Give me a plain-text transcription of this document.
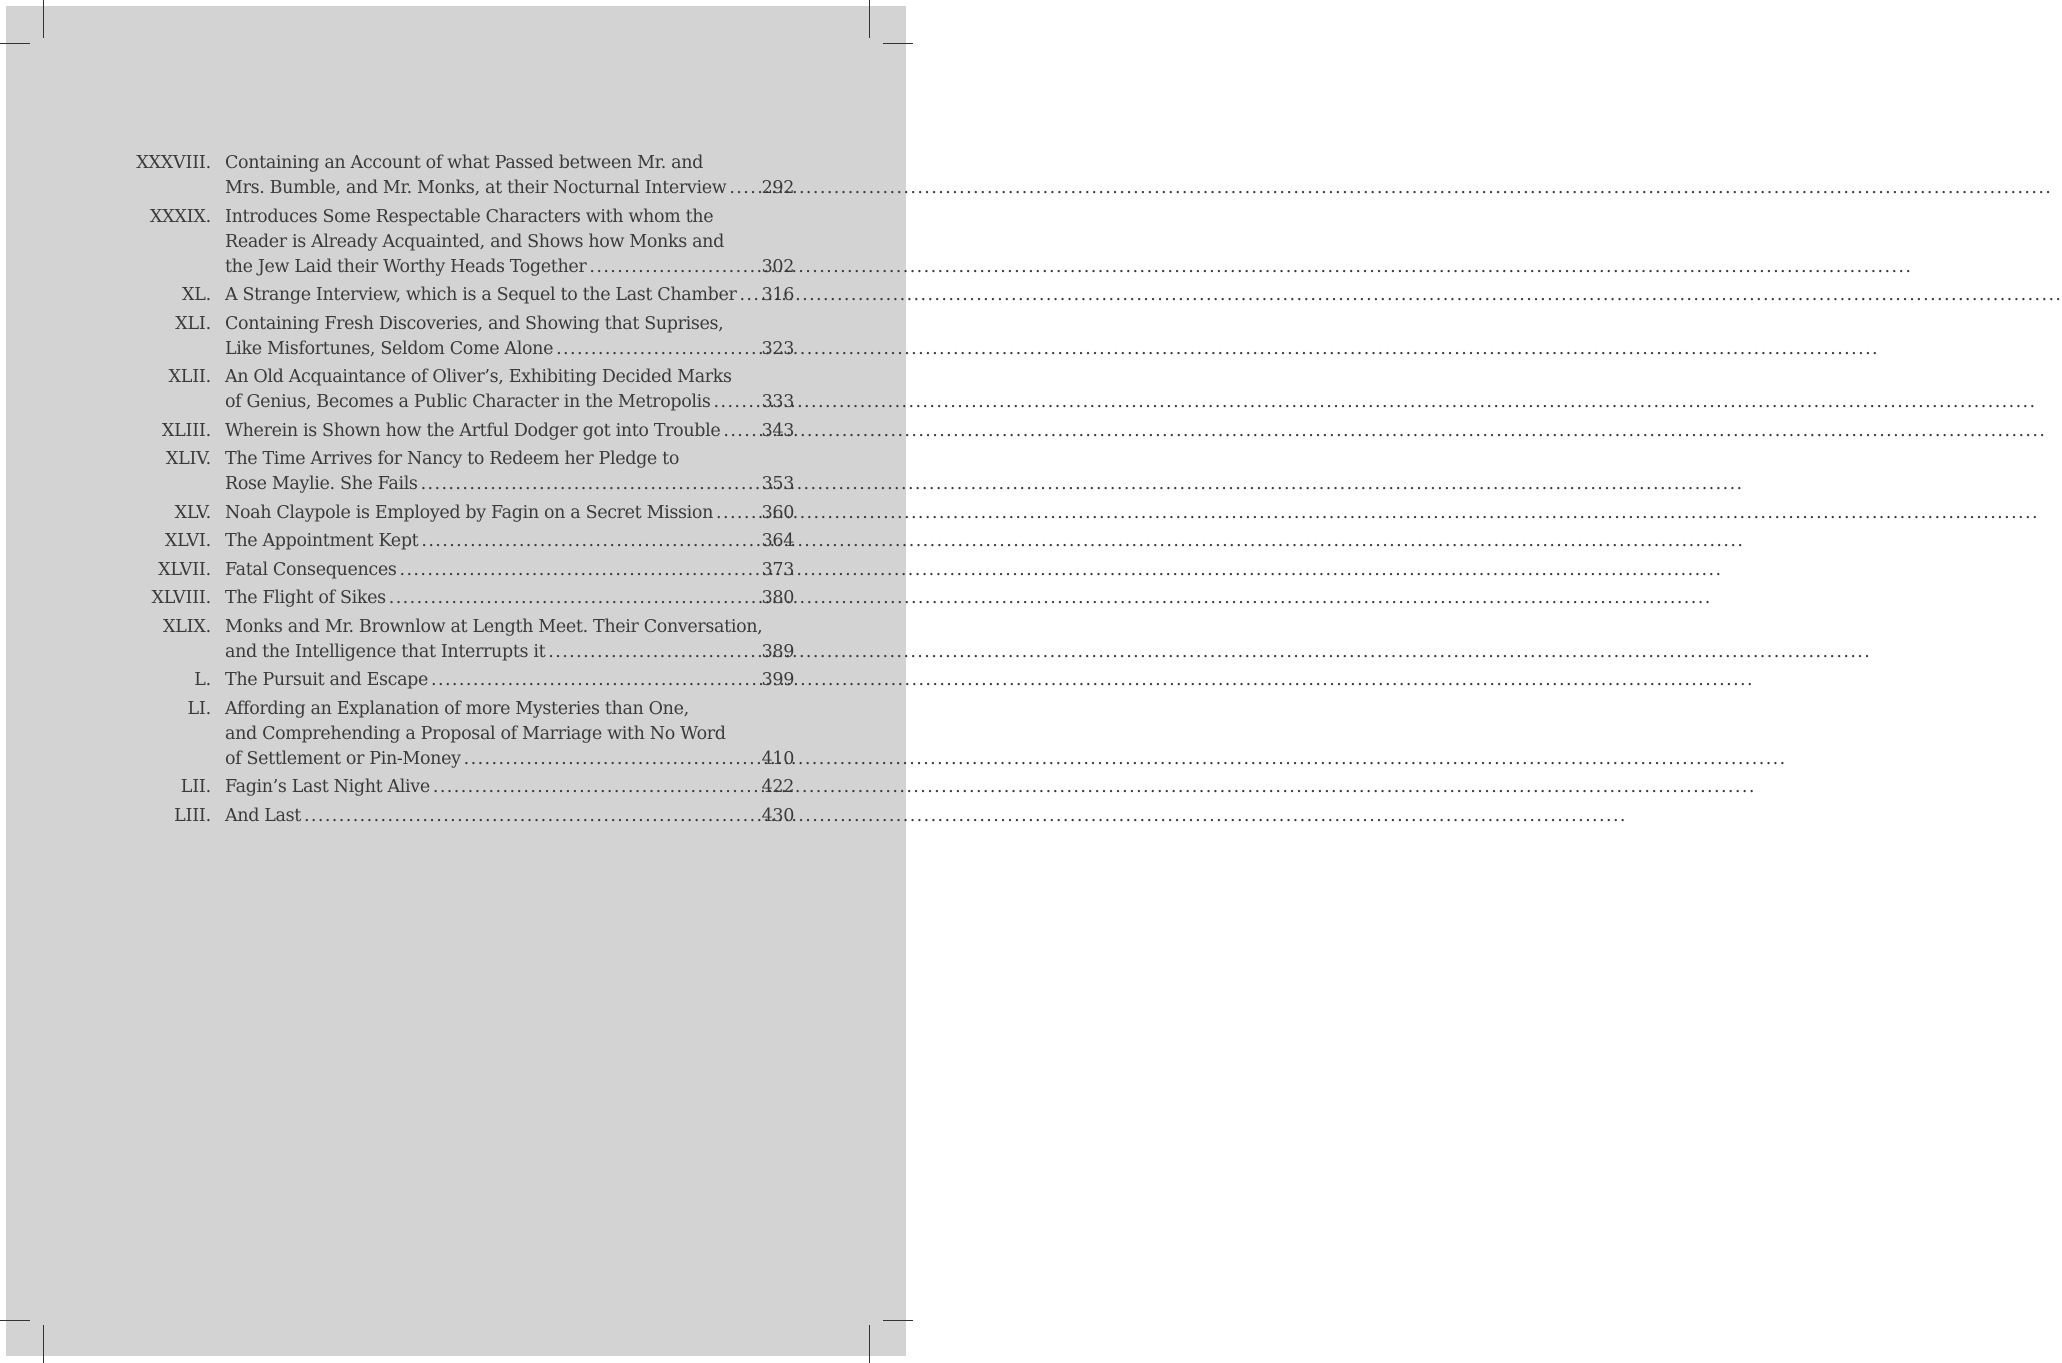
XXXVIII. Containing an Account of what Passed between Mr. and
Mrs. Bumble, and Mr. Monks, at their Nocturnal Interview ..... 292
XXXIX. Introduces Some Respectable Characters with whom the
Reader is Already Acquainted, and Shows how Monks and
the Jew Laid their Worthy Heads Together .....	302
XL. A Strange Interview, which is a Sequel to the Last Chamber ..... 316
XLI. Containing Fresh Discoveries, and Showing that Suprises,
Like Misfortunes, Seldom Come Alone .....	323
XLII. An Old Acquaintance of Oliver’s, Exhibiting Decided Marks
of Genius, Becomes a Public Character in the Metropolis .....	333
XLIII. Wherein is Shown how the Artful Dodger got into Trouble ..... 343
XLIV. The Time Arrives for Nancy to Redeem her Pledge to
Rose Maylie. She Fails .....	353
XLV. Noah Claypole is Employed by Fagin on a Secret Mission .....	360
XLVI. The Appointment Kept .....	364
XLVII. Fatal Consequences .....	373
XLVIII. The Flight of Sikes .....	380
XLIX. Monks and Mr. Brownlow at Length Meet. Their Conversation,
and the Intelligence that Interrupts it .....	389
L. The Pursuit and Escape .....	399
LI. Affording an Explanation of more Mysteries than One,
and Comprehending a Proposal of Marriage with No Word
of Settlement or Pin-Money .....	410
LII. Fagin’s Last Night Alive .....	422
LIII. And Last .....	430
